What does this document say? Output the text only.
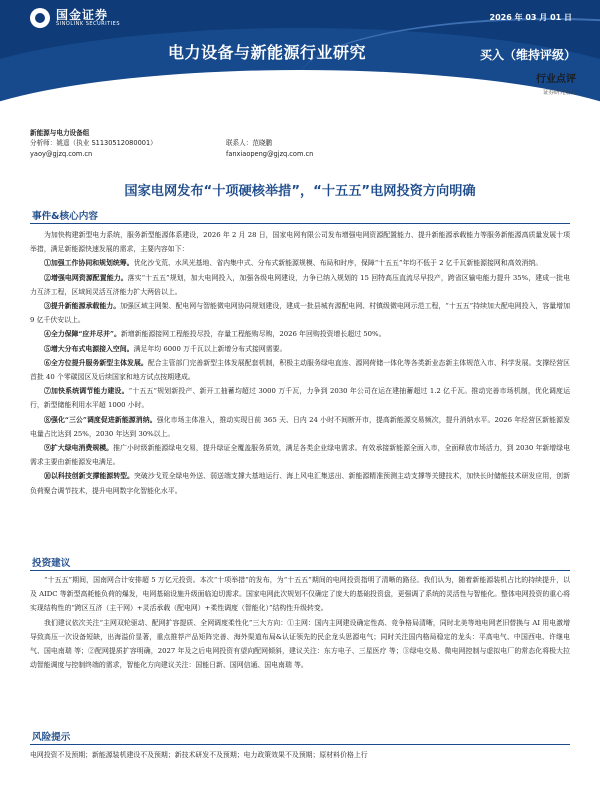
国金证券
SINOLINK SECURITIES
2026 年 03 月 01 日
电力设备与新能源行业研究	买入（维持评级）
行业点评
证券研究报告
新能源与电力设备组
分析师：姚遥（执业 S1130512080001）	联系人：范晓鹏
yaoy@gjzq.com.cn	fanxiaopeng@gjzq.com.cn
国家电网发布“十项硬核举措”，“十五五”电网投资方向明确
事件&核心内容

为加快构建新型电力系统，服务新型能源体系建设，2026 年 2 月 28 日，国家电网有限公司发布增强电网资源配置能力、提升新能源承载能力等服务新能源高质量发展十项举措，满足新能源快速发展的需求，主要内容如下：

①加强工作协同和规划统筹。优化沙戈荒、水风光基地、省内集中式、分布式新能源规模、布局和时序，保障“十五五”年均不低于 2 亿千瓦新能源接网和高效消纳。

②增强电网资源配置能力。落实“十五五”规划，加大电网投入，加强各级电网建设，力争已纳入规划的 15 回特高压直流尽早投产，跨省区输电能力提升 35%，建成一批电力互济工程，区域间灵活互济能力扩大两倍以上。

③提升新能源承载能力。加强区域主网架、配电网与智能微电网协同规划建设，建成一批县城有源配电网、村镇级微电网示范工程，“十五五”持续加大配电网投入，容量增加 9 亿千伏安以上。

④全力保障“应并尽并”。新增新能源接网工程能投尽投，存量工程能购尽购，2026 年回购投资增长超过 50%。

⑤增大分布式电源接入空间。满足年均 6000 万千瓦以上新增分布式接网需要。

⑥全方位提升服务新型主体发展。配合主管部门完善新型主体发展配套机制，积极主动服务绿电直连、源网荷储一体化等各类新业态新主体规范入市、科学发展。支撑经营区首批 40 个零碳园区及后续国家和地方试点按期建成。

⑦加快系统调节能力建设。“十五五”规划新投产、新开工抽蓄均超过 3000 万千瓦，力争到 2030 年公司在运在建抽蓄超过 1.2 亿千瓦。推动完善市场机制，优化调度运行，新型储能利用水平超 1000 小时。

⑧强化“三公”调度促进新能源消纳。强化市场主体准入，推动实现日前 365 天、日内 24 小时不间断开市，提高新能源交易频次，提升消纳水平。2026 年经营区新能源发电量占比达到 25%，2030 年达到 30%以上。

⑨扩大绿电消费规模。推广小时级新能源绿电交易，提升绿证全覆盖服务质效，满足各类企业绿电需求。有效承接新能源全面入市，全面释放市场活力，到 2030 年新增绿电需求主要由新能源发电满足。

⑩以科技创新支撑能源转型。突破沙戈荒全绿电外送、弱送端支撑大基地运行、海上风电汇集送出、新能源精准预测主动支撑等关键技术，加快长时储能技术研发应用，创新负荷聚合调节技术，提升电网数字化智能化水平。

投资建议

“十五五”期间，国南网合计安排超 5 万亿元投资。本次“十项举措”的发布，为“十五五”期间的电网投资指明了清晰的路径。我们认为，随着新能源装机占比的持续提升，以及 AIDC 等新型高耗能负荷的爆发，电网基础设施升级面临迫切需求。国家电网此次规划不仅确定了庞大的基础投资盘，更强调了系统的灵活性与智能化。整体电网投资的重心将实现结构性的“跨区互济（主干网）+灵活承载（配电网）+柔性调度（智能化）”结构性升级转变。

我们建议依次关注“主网双轮驱动、配网扩容提质、全网调度柔性化”三大方向：①主网：国内主网建设确定性高、竞争格局清晰，同时北美等地电网老旧替换与 AI 用电激增导致高压一次设备短缺，出海溢价显著，重点推荐产品矩阵完善、海外渠道布局&认证领先的民企龙头思源电气；同时关注国内格局稳定的龙头：平高电气、中国西电、许继电气、国电南瑞 等；②配网提质扩容明确，2027 年及之后电网投资有望向配网倾斜，建议关注：东方电子、三星医疗 等；③绿电交易、微电网控制与虚拟电厂的常态化将极大拉动智能调度与控制终端的需求，智能化方向建议关注：国能日新、国网信通、国电南瑞 等。

风险提示
电网投资不及预期；新能源装机建设不及预期；新技术研发不及预期；电力政策效果不及预期；原材料价格上行
